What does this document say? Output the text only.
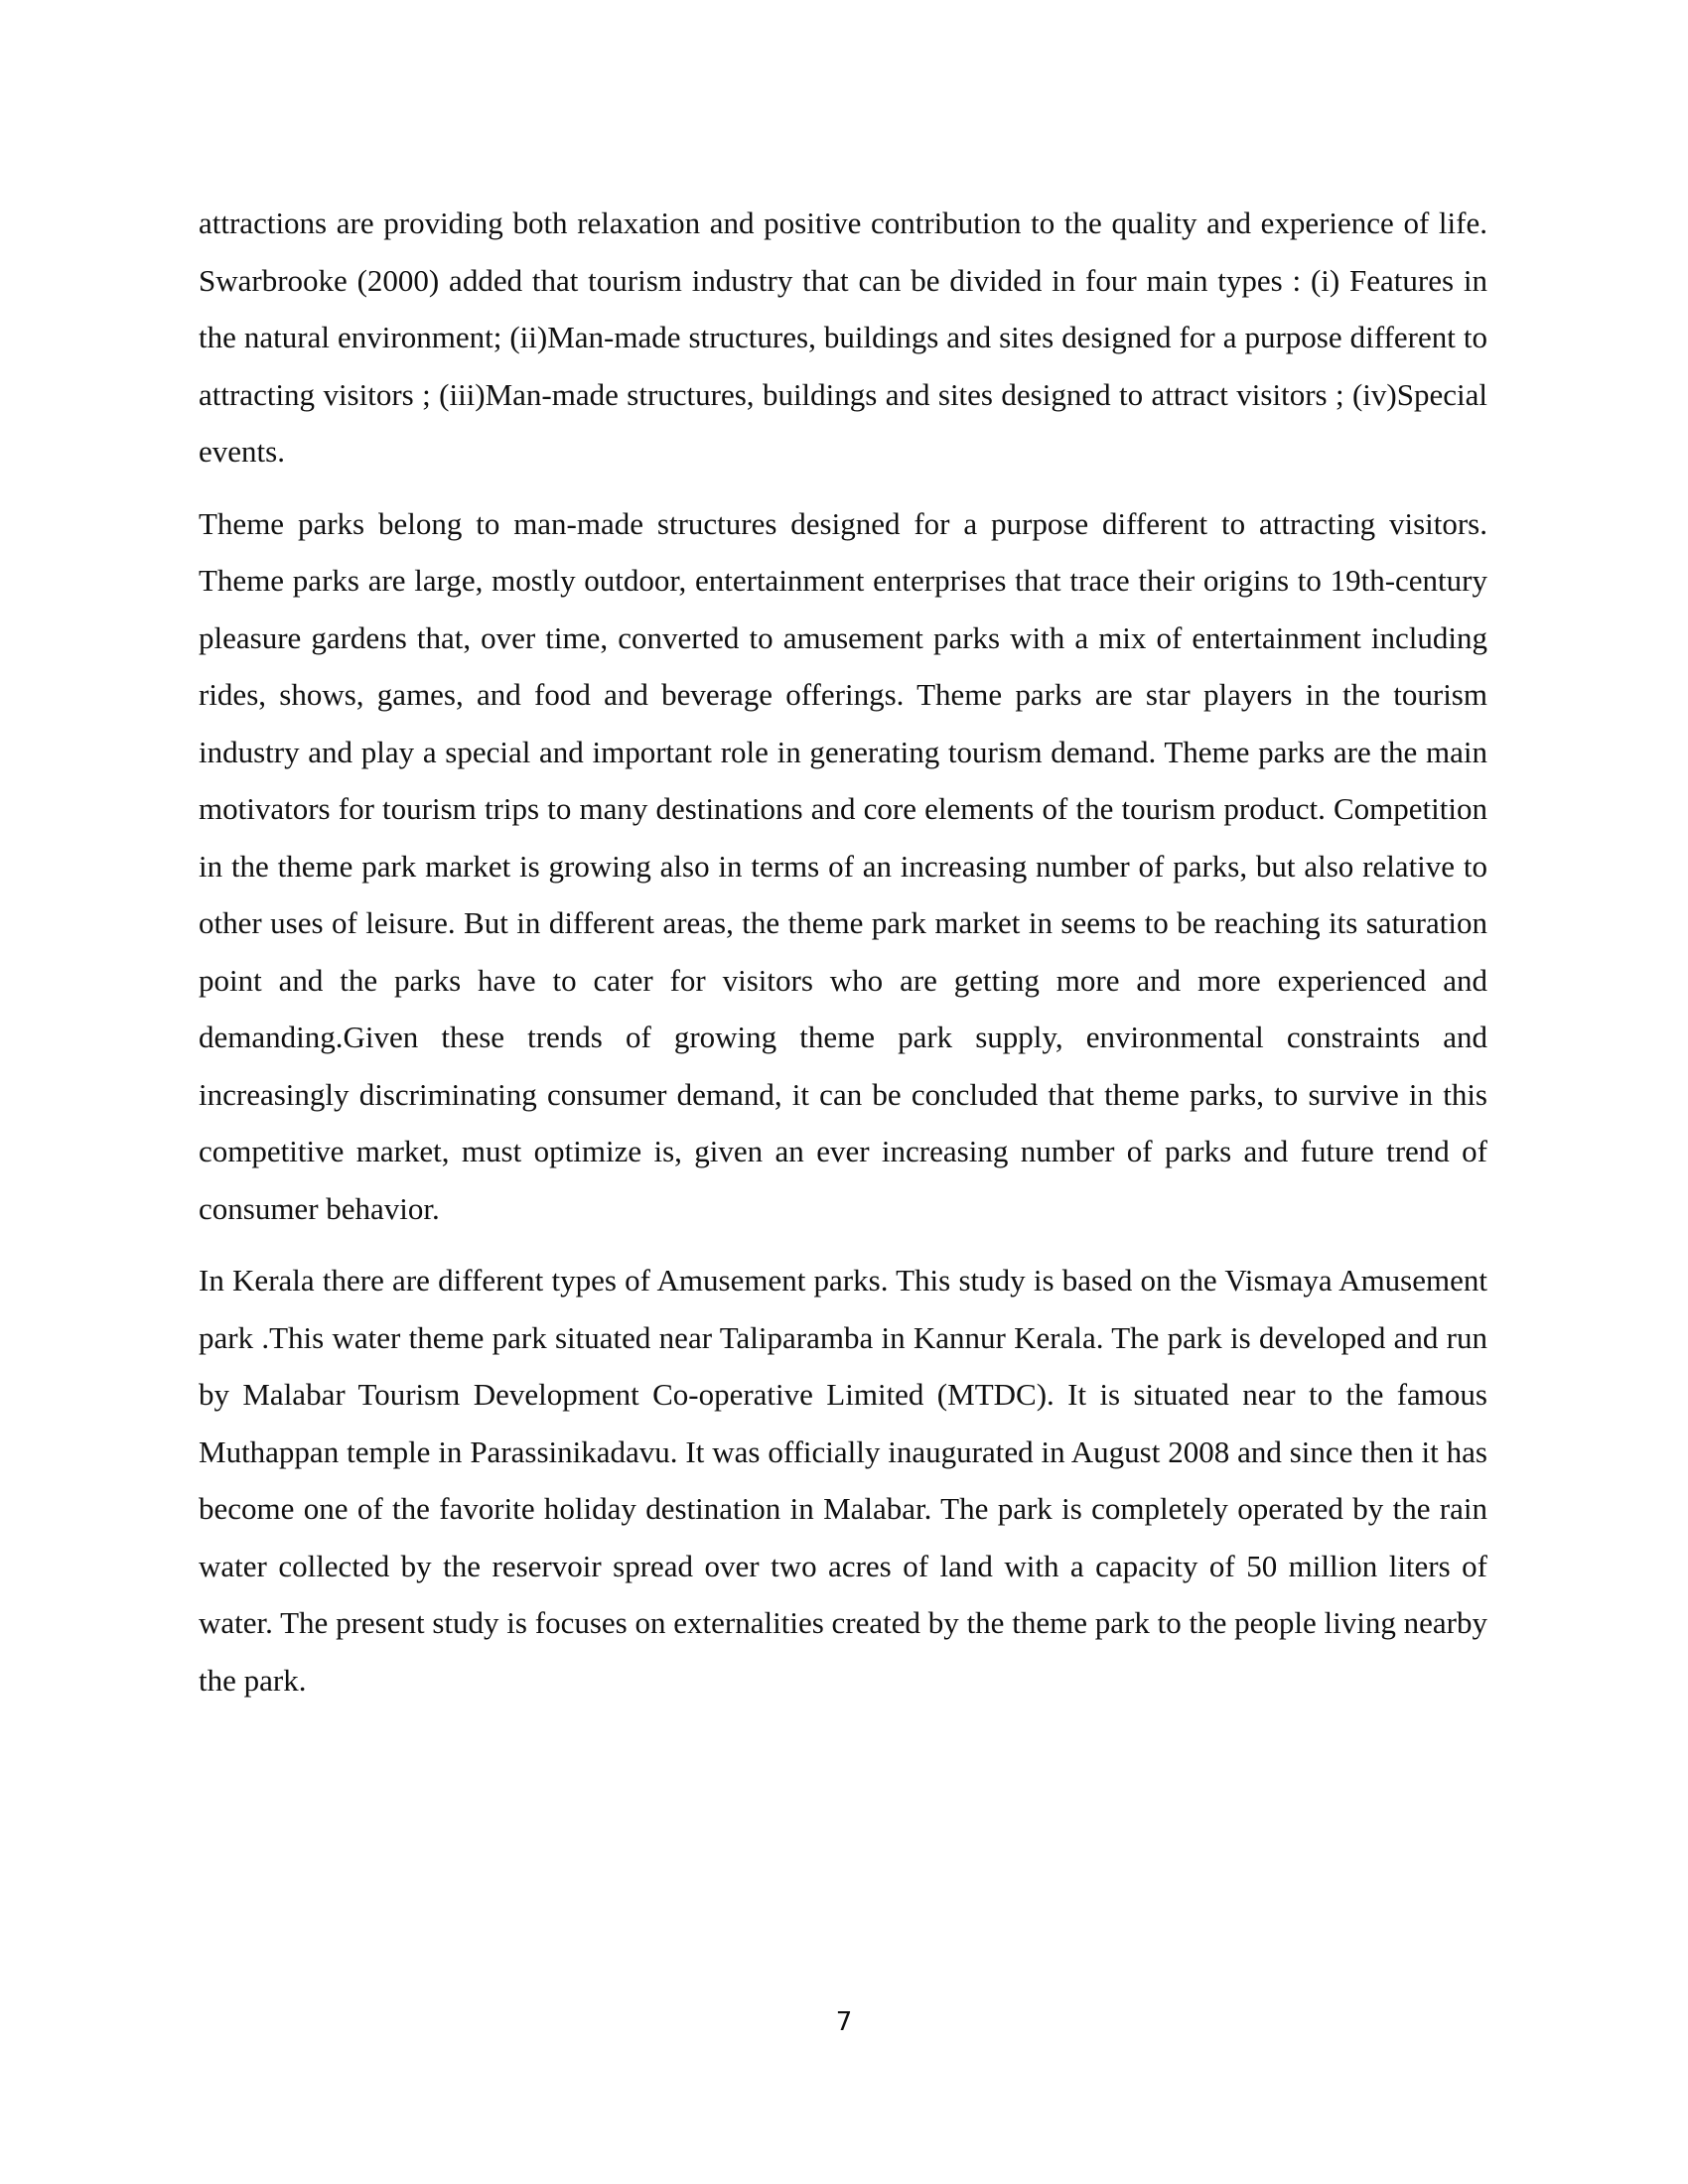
attractions are providing both relaxation and positive contribution to the quality and experience of life. Swarbrooke (2000) added that tourism industry that can be divided in four main types : (i) Features in the natural environment; (ii)Man-made structures, buildings and sites designed for a purpose different to attracting visitors ; (iii)Man-made structures, buildings and sites designed to attract visitors ; (iv)Special events.

Theme parks belong to man-made structures designed for a purpose different to attracting visitors. Theme parks are large, mostly outdoor, entertainment enterprises that trace their origins to 19th-century pleasure gardens that, over time, converted to amusement parks with a mix of entertainment including rides, shows, games, and food and beverage offerings. Theme parks are star players in the tourism industry and play a special and important role in generating tourism demand. Theme parks are the main motivators for tourism trips to many destinations and core elements of the tourism product. Competition in the theme park market is growing also in terms of an increasing number of parks, but also relative to other uses of leisure. But in different areas, the theme park market in seems to be reaching its saturation point and the parks have to cater for visitors who are getting more and more experienced and demanding.Given these trends of growing theme park supply, environmental constraints and increasingly discriminating consumer demand, it can be concluded that theme parks, to survive in this competitive market, must optimize is, given an ever increasing number of parks and future trend of consumer behavior.

In Kerala there are different types of Amusement parks. This study is based on the Vismaya Amusement park .This water theme park situated near Taliparamba in Kannur Kerala. The park is developed and run by Malabar Tourism Development Co-operative Limited (MTDC). It is situated near to the famous Muthappan temple in Parassinikadavu. It was officially inaugurated in August 2008 and since then it has become one of the favorite holiday destination in Malabar. The park is completely operated by the rain water collected by the reservoir spread over two acres of land with a capacity of 50 million liters of water. The present study is focuses on externalities created by the theme park to the people living nearby the park.

7
